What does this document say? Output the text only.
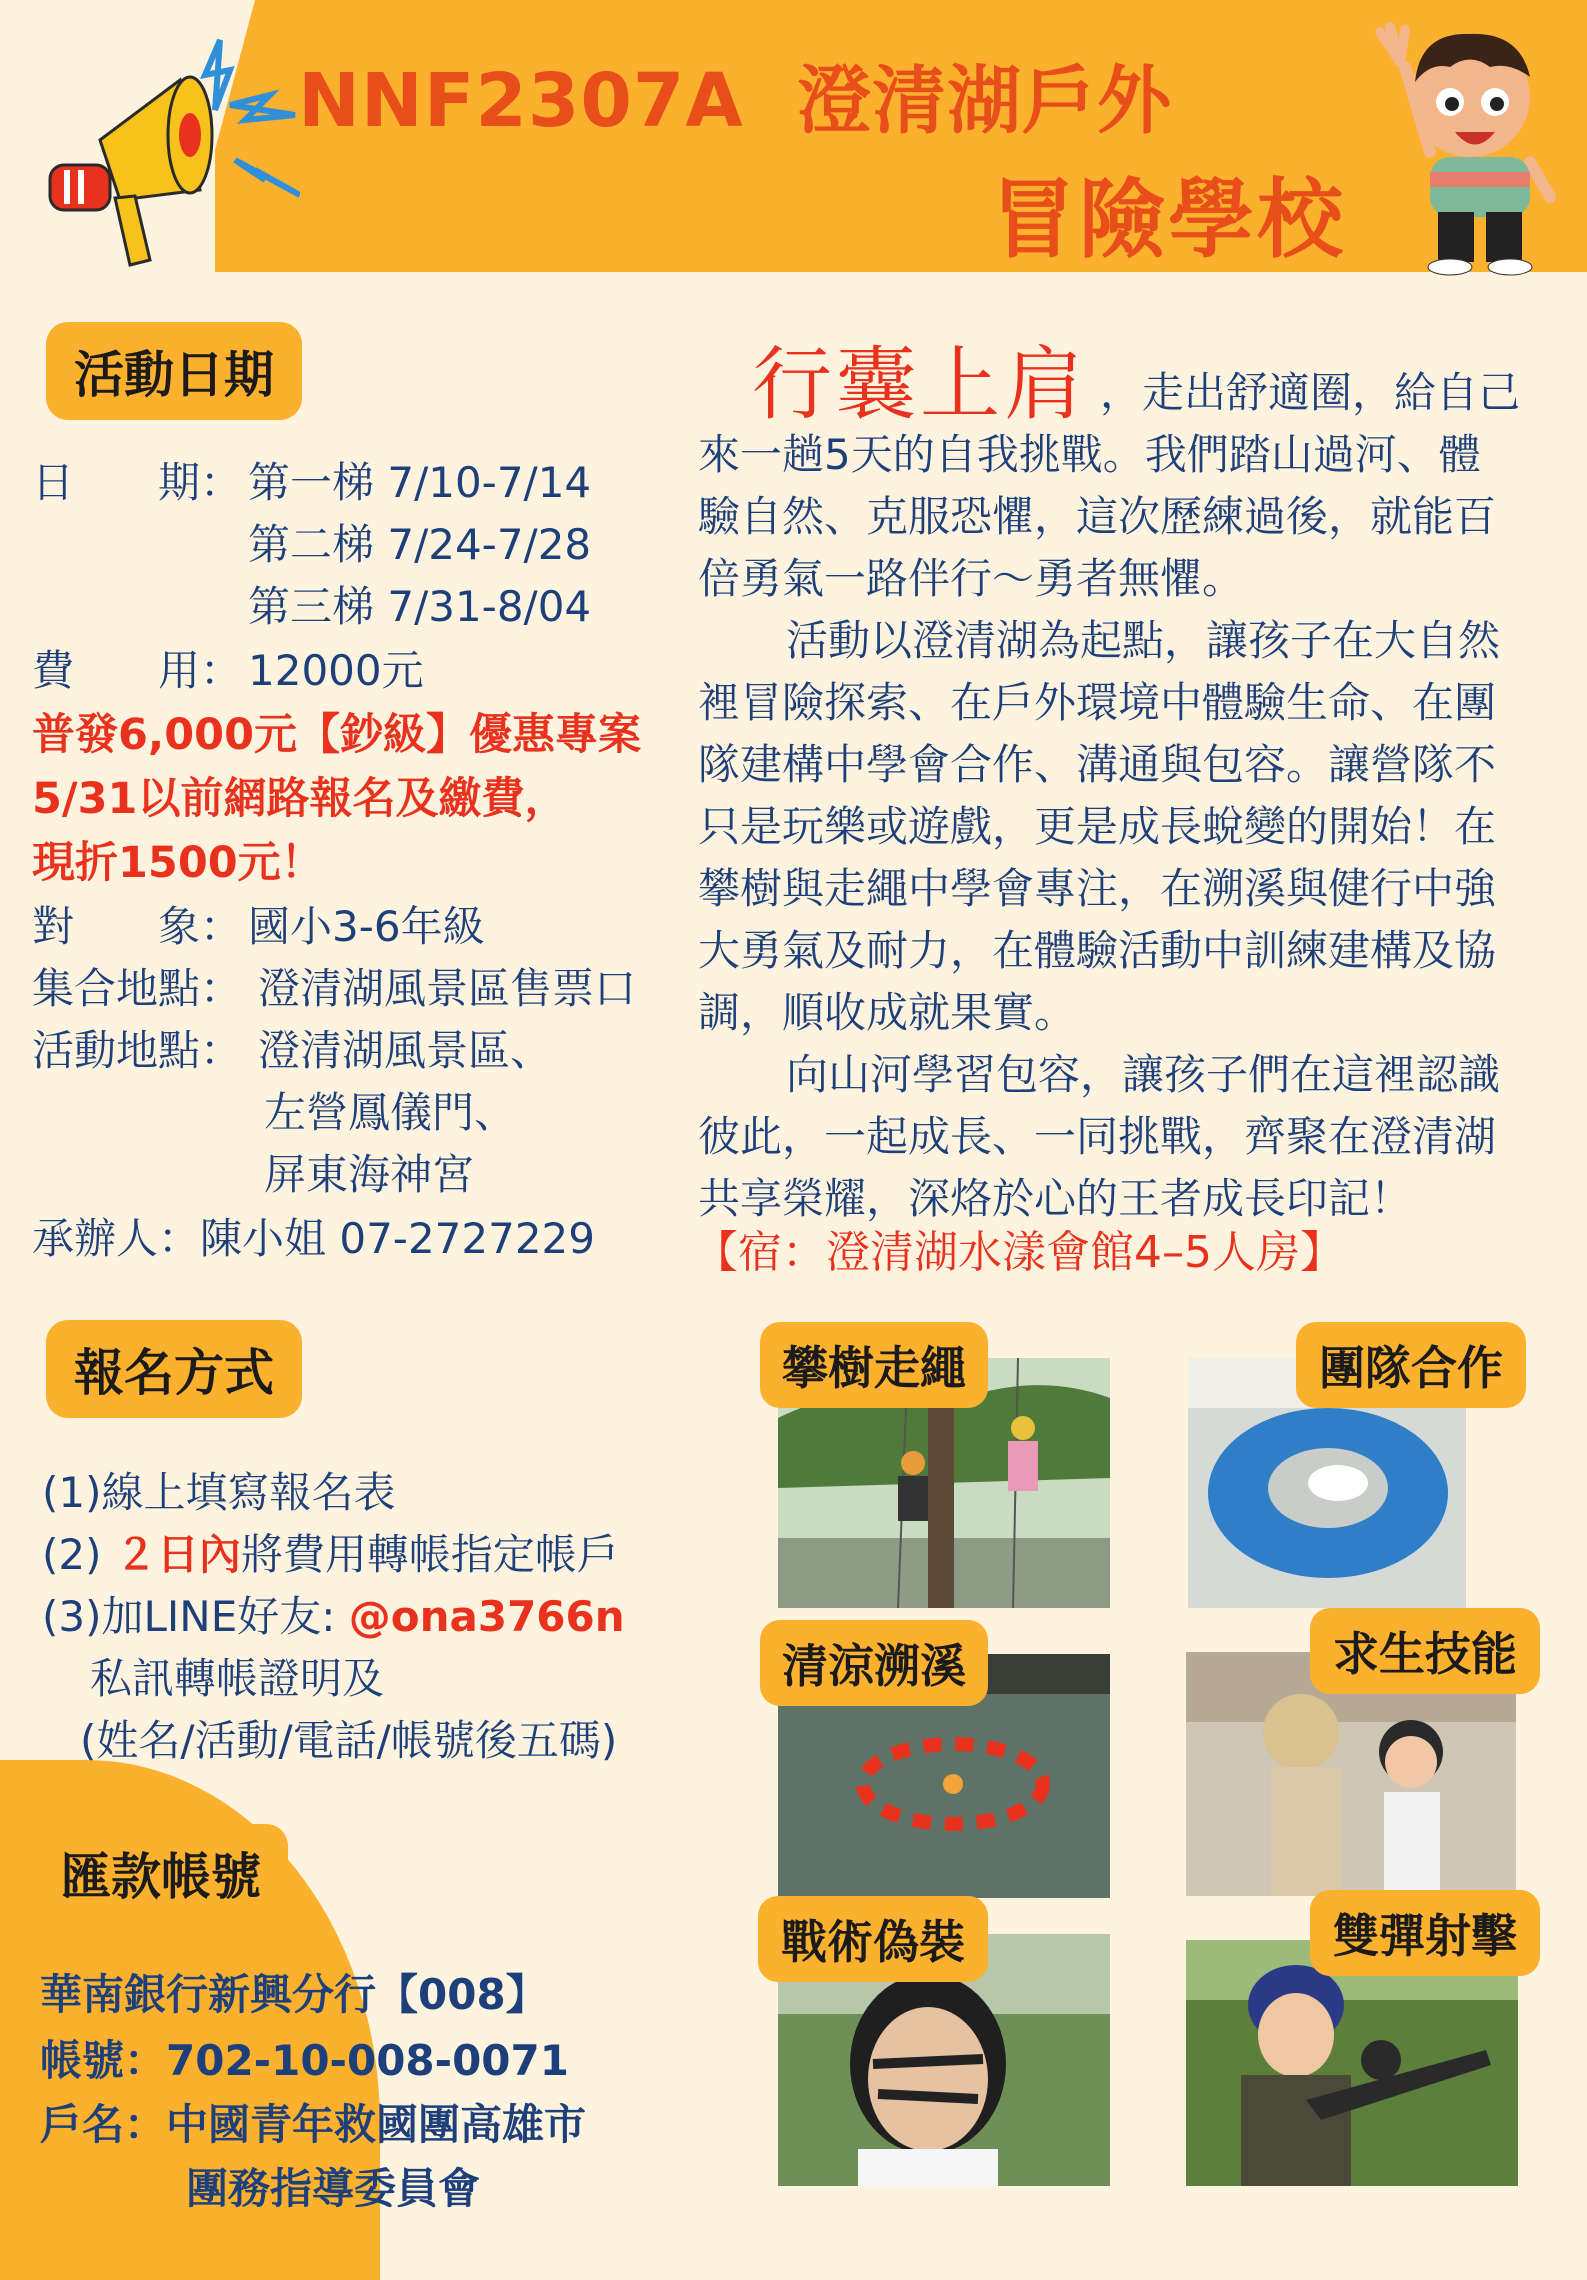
NNF2307A 澄清湖戶外
冒險學校
活動日期
日　　期： 第一梯 7/10-7/14
第二梯 7/24-7/28
第三梯 7/31-8/04
費　　用： 12000元
普發6,000元【鈔級】優惠專案
5/31以前網路報名及繳費，
現折1500元！
對　　象： 國小3-6年級
集合地點： 澄清湖風景區售票口
活動地點： 澄清湖風景區、
左營鳳儀門、
屏東海神宮
承辦人：陳小姐 07-2727229
行囊上肩 ，走出舒適圈，給自己
來一趟5天的自我挑戰。我們踏山過河、體
驗自然、克服恐懼，這次歷練過後，就能百
倍勇氣一路伴行～勇者無懼。
活動以澄清湖為起點，讓孩子在大自然
裡冒險探索、在戶外環境中體驗生命、在團
隊建構中學會合作、溝通與包容。讓營隊不
只是玩樂或遊戲，更是成長蛻變的開始！在
攀樹與走繩中學會專注，在溯溪與健行中強
大勇氣及耐力，在體驗活動中訓練建構及協
調，順收成就果實。
向山河學習包容，讓孩子們在這裡認識
彼此，一起成長、一同挑戰，齊聚在澄清湖
共享榮耀，深烙於心的王者成長印記！
【宿：澄清湖水漾會館4–5人房】
報名方式
(1)線上填寫報名表
(2) ２日內將費用轉帳指定帳戶
(3)加LINE好友: @ona3766n
私訊轉帳證明及
(姓名/活動/電話/帳號後五碼)
匯款帳號
華南銀行新興分行【008】
帳號：702-10-008-0071
戶名：中國青年救國團高雄市
團務指導委員會
攀樹走繩	團隊合作
清涼溯溪	求生技能
戰術偽裝	雙彈射擊
